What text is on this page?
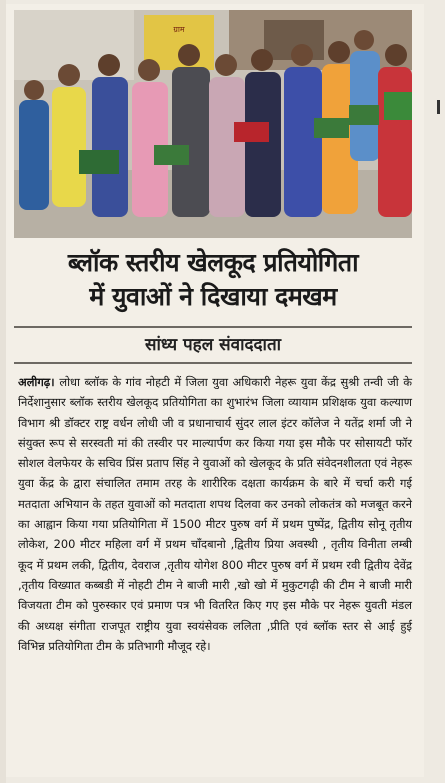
ग्राम
ब्लॉक स्तरीय खेलकूद प्रतियोगिता
में युवाओं ने दिखाया दमखम
सांध्य पहल संवाददाता
अलीगढ़। लोधा ब्लॉक के गांव नोहटी में जिला युवा अधिकारी नेहरू युवा केंद्र सुश्री तन्वी जी के निर्देशानुसार ब्लॉक स्तरीय खेलकूद प्रतियोगिता का शुभारंभ जिला व्यायाम प्रशिक्षक युवा कल्याण विभाग श्री डॉक्टर राष्ट्र वर्धन लोधी जी व प्रधानाचार्य सुंदर लाल इंटर कॉलेज ने यतेंद्र शर्मा जी ने संयुक्त रूप से सरस्वती मां की तस्वीर पर माल्यार्पण कर किया गया इस मौके पर सोसायटी फॉर सोशल वेलफेयर के सचिव प्रिंस प्रताप सिंह ने युवाओं को खेलकूद के प्रति संवेदनशीलता एवं नेहरू युवा केंद्र के द्वारा संचालित तमाम तरह के शारीरिक दक्षता कार्यक्रम के बारे में चर्चा करी गई मतदाता अभियान के तहत युवाओं को मतदाता शपथ दिलवा कर उनको लोकतंत्र को मजबूत करने का आह्वान किया गया प्रतियोगिता में 1500 मीटर पुरुष वर्ग में प्रथम पुष्पेंद्र, द्वितीय सोनू तृतीय लोकेश, 200 मीटर महिला वर्ग में प्रथम चाँदबानो ,द्वितीय प्रिया अवस्थी , तृतीय विनीता लम्बी कूद में प्रथम लकी, द्वितीय, देवराज ,तृतीय योगेश 800 मीटर पुरुष वर्ग में प्रथम रवी द्वितीय देवेंद्र ,तृतीय विख्यात कब्बडी में नोहटी टीम ने बाजी मारी ,खो खो में मुकुटगढ़ी की टीम ने बाजी मारी विजयता टीम को पुरुस्कार एवं प्रमाण पत्र भी वितरित किए गए इस मौके पर नेहरू युवती मंडल की अध्यक्ष संगीता राजपूत राष्ट्रीय युवा स्वयंसेवक ललिता ,प्रीति एवं ब्लॉक स्तर से आई हुई विभिन्न प्रतियोगिता टीम के प्रतिभागी मौजूद रहे।
